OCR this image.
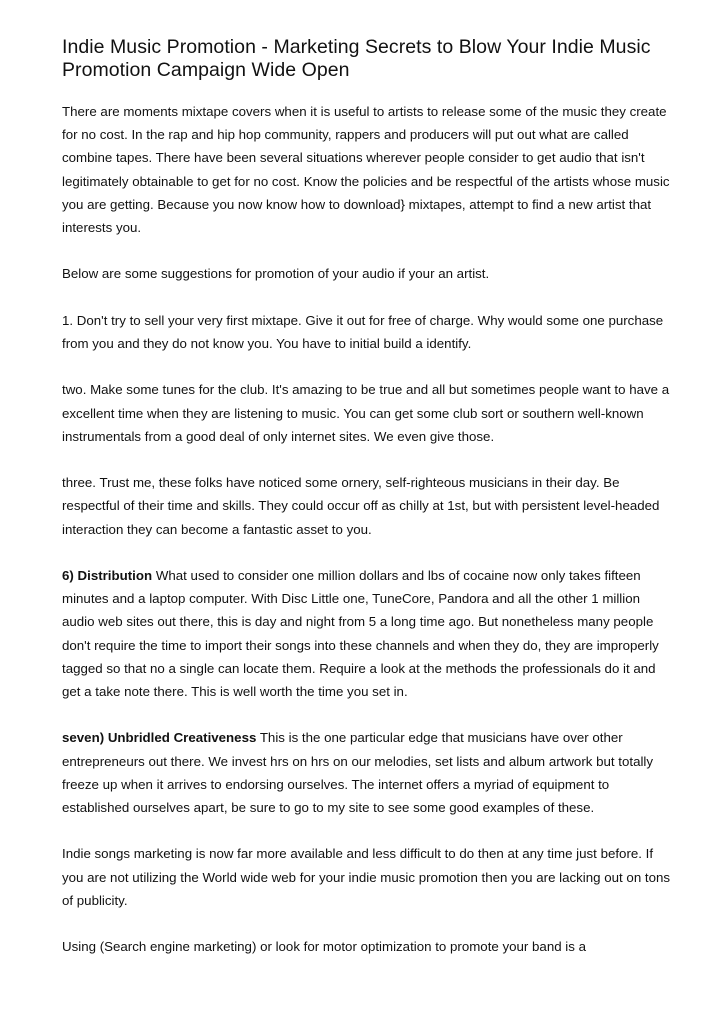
Indie Music Promotion - Marketing Secrets to Blow Your Indie Music Promotion Campaign Wide Open

There are moments mixtape covers when it is useful to artists to release some of the music they create for no cost. In the rap and hip hop community, rappers and producers will put out what are called combine tapes. There have been several situations wherever people consider to get audio that isn't legitimately obtainable to get for no cost. Know the policies and be respectful of the artists whose music you are getting. Because you now know how to download} mixtapes, attempt to find a new artist that interests you.

Below are some suggestions for promotion of your audio if your an artist.

1. Don't try to sell your very first mixtape. Give it out for free of charge. Why would some one purchase from you and they do not know you. You have to initial build a identify.

two. Make some tunes for the club. It's amazing to be true and all but sometimes people want to have a excellent time when they are listening to music. You can get some club sort or southern well-known instrumentals from a good deal of only internet sites. We even give those.

three. Trust me, these folks have noticed some ornery, self-righteous musicians in their day. Be respectful of their time and skills. They could occur off as chilly at 1st, but with persistent level-headed interaction they can become a fantastic asset to you.

6) Distribution What used to consider one million dollars and lbs of cocaine now only takes fifteen minutes and a laptop computer. With Disc Little one, TuneCore, Pandora and all the other 1 million audio web sites out there, this is day and night from 5 a long time ago. But nonetheless many people don't require the time to import their songs into these channels and when they do, they are improperly tagged so that no a single can locate them. Require a look at the methods the professionals do it and get a take note there. This is well worth the time you set in.

seven) Unbridled Creativeness This is the one particular edge that musicians have over other entrepreneurs out there. We invest hrs on hrs on our melodies, set lists and album artwork but totally freeze up when it arrives to endorsing ourselves. The internet offers a myriad of equipment to established ourselves apart, be sure to go to my site to see some good examples of these.

Indie songs marketing is now far more available and less difficult to do then at any time just before. If you are not utilizing the World wide web for your indie music promotion then you are lacking out on tons of publicity.

Using (Search engine marketing) or look for motor optimization to promote your band is a
